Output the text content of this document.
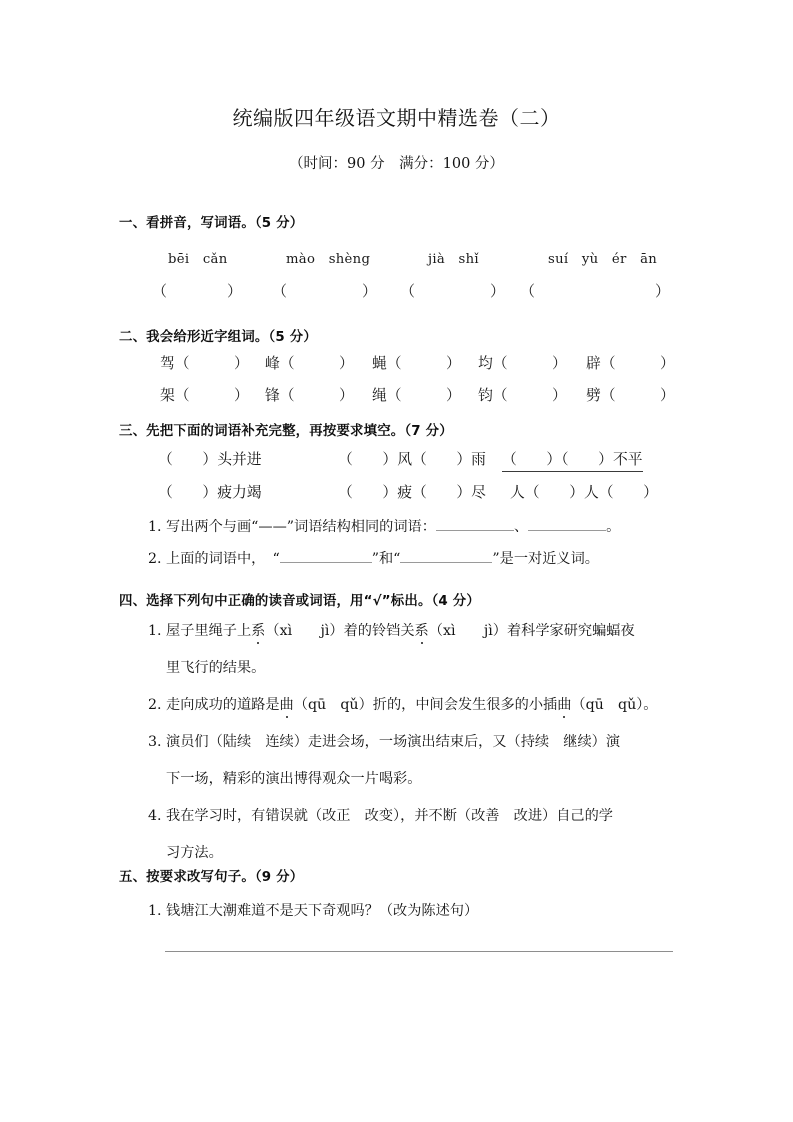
统编版四年级语文期中精选卷（二）
（时间：90 分　满分：100 分）
一、看拼音，写词语。（5 分）
bēi　cǎn	mào　shèng	jià　shǐ	suí　yù　ér　ān
（　　　　） （　　　　　） （　　　　　） （　　　　　　　　）
二、我会给形近字组词。（5 分）
驾（　　　） 峰（　　　） 蝇（　　　） 均（　　　） 辟（　　　）
架（　　　） 锋（　　　） 绳（　　　） 钧（　　　） 劈（　　　）
三、先把下面的词语补充完整，再按要求填空。（7 分）
（　　）头并进	（　　）风（　　）雨 （　　）（　　）不平
（　　）疲力竭	（　　）疲（　　）尽 人（　　）人（　　）
1. 写出两个与画“——”词语结构相同的词语：	、	。
2. 上面的词语中，　“	”和“	”是一对近义词。
四、选择下列句中正确的读音或词语，用“√”标出。（4 分）
1. 屋子里绳子上系（xì　　jì）着的铃铛关系（xì　　jì）着科学家研究蝙蝠夜
里飞行的结果。
2. 走向成功的道路是曲（qū　qǔ）折的，中间会发生很多的小插曲（qū　qǔ）。
3. 演员们（陆续　连续）走进会场，一场演出结束后，又（持续　继续）演
下一场，精彩的演出博得观众一片喝彩。
4. 我在学习时，有错误就（改正　改变），并不断（改善　改进）自己的学
习方法。
五、按要求改写句子。（9 分）
1. 钱塘江大潮难道不是天下奇观吗？（改为陈述句）
